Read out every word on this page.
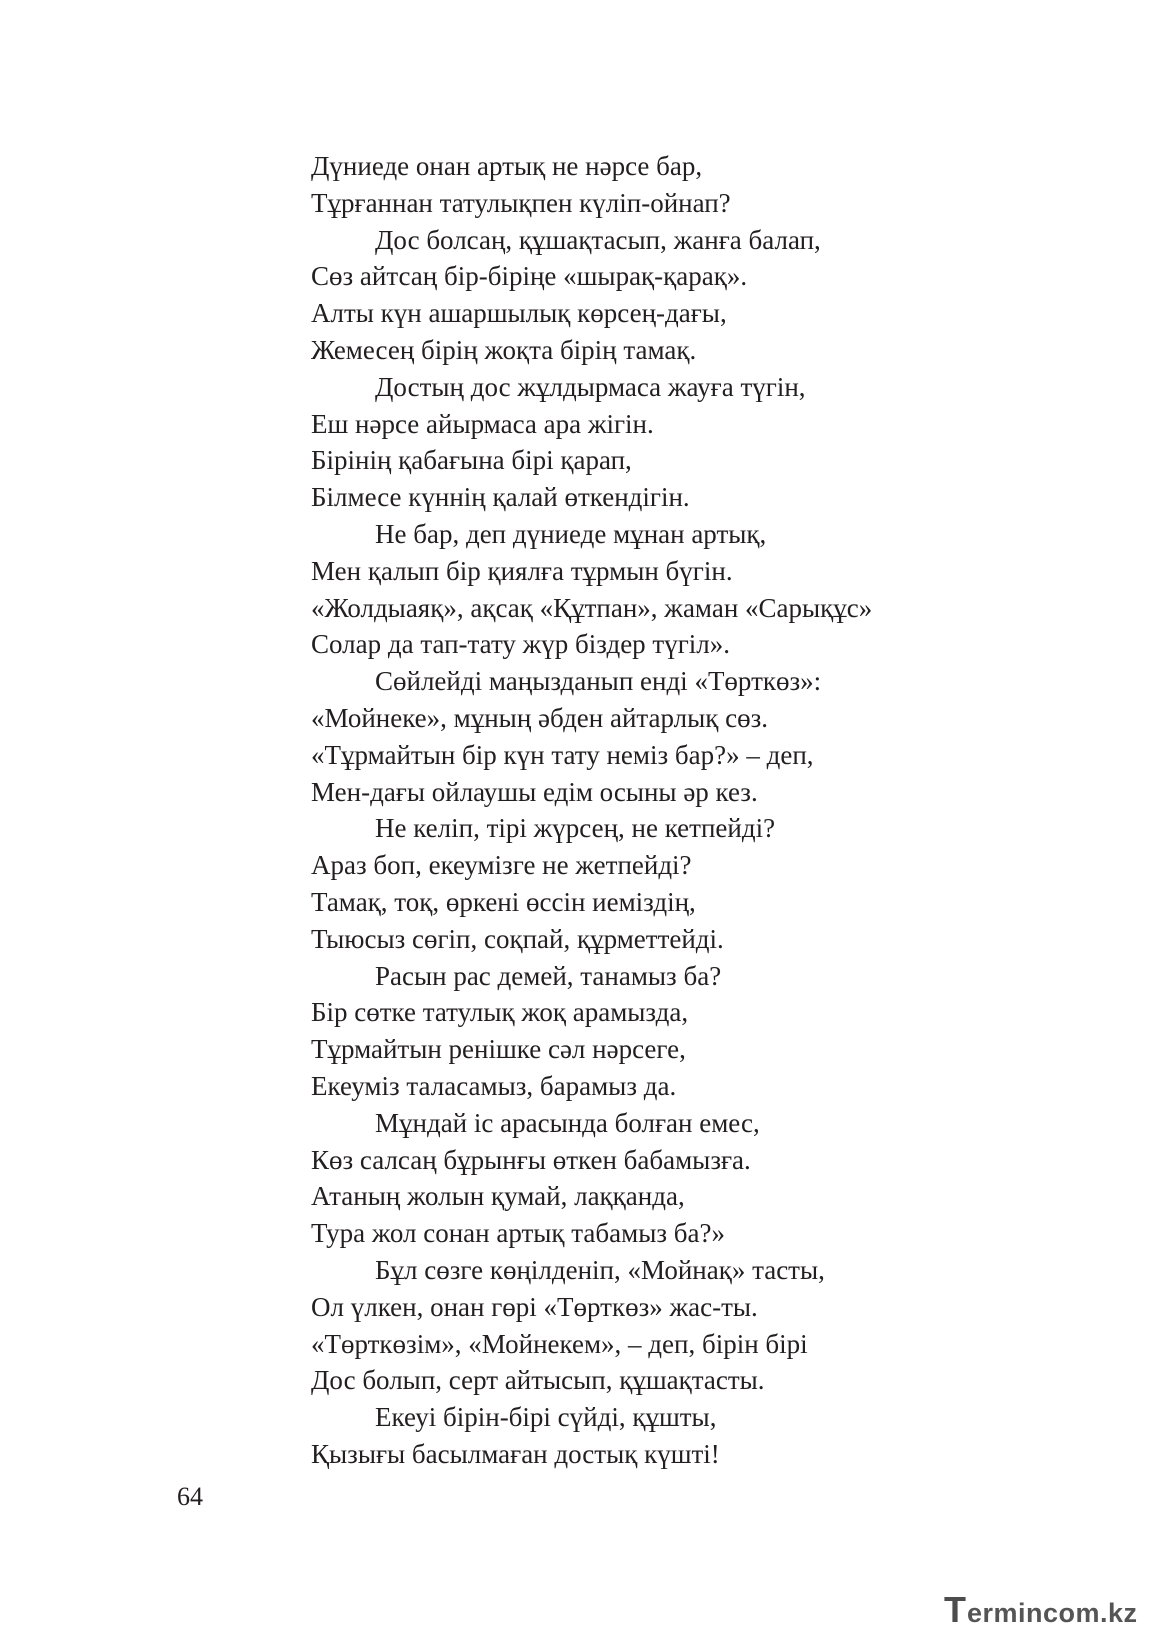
Дүниеде онан артық не нәрсе бар,
Тұрғаннан татулықпен күліп-ойнап?
Дос болсаң, құшақтасып, жанға балап,
Сөз айтсаң бір-біріңе «шырақ-қарақ».
Алты күн ашаршылық көрсең-дағы,
Жемесең бірің жоқта бірің тамақ.
Достың дос жұлдырмаса жауға түгін,
Еш нәрсе айырмаса ара жігін.
Бірінің қабағына бірі қарап,
Білмесе күннің қалай өткендігін.
Не бар, деп дүниеде мұнан артық,
Мен қалып бір қиялға тұрмын бүгін.
«Жолдыаяқ», ақсақ «Құтпан», жаман «Сарықұс»
Солар да тап-тату жүр біздер түгіл».
Сөйлейді маңызданып енді «Төрткөз»:
«Мойнеке», мұның әбден айтарлық сөз.
«Тұрмайтын бір күн тату неміз бар?» – деп,
Мен-дағы ойлаушы едім осыны әр кез.
Не келіп, тірі жүрсең, не кетпейді?
Араз боп, екеумізге не жетпейді?
Тамақ, тоқ, өркені өссін иеміздің,
Тыюсыз сөгіп, соқпай, құрметтейді.
Расын рас демей, танамыз ба?
Бір сөтке татулық жоқ арамызда,
Тұрмайтын ренішке сәл нәрсеге,
Екеуміз таласамыз, барамыз да.
Мұндай іс арасында болған емес,
Көз салсаң бұрынғы өткен бабамызға.
Атаның жолын қумай, лаққанда,
Тура жол сонан артық табамыз ба?»
Бұл сөзге көңілденіп, «Мойнақ» тасты,
Ол үлкен, онан гөрі «Төрткөз» жас-ты.
«Төрткөзім», «Мойнекем», – деп, бірін бірі
Дос болып, серт айтысып, құшақтасты.
Екеуі бірін-бірі сүйді, құшты,
Қызығы басылмаған достық күшті!
64
T ermincom.kz
